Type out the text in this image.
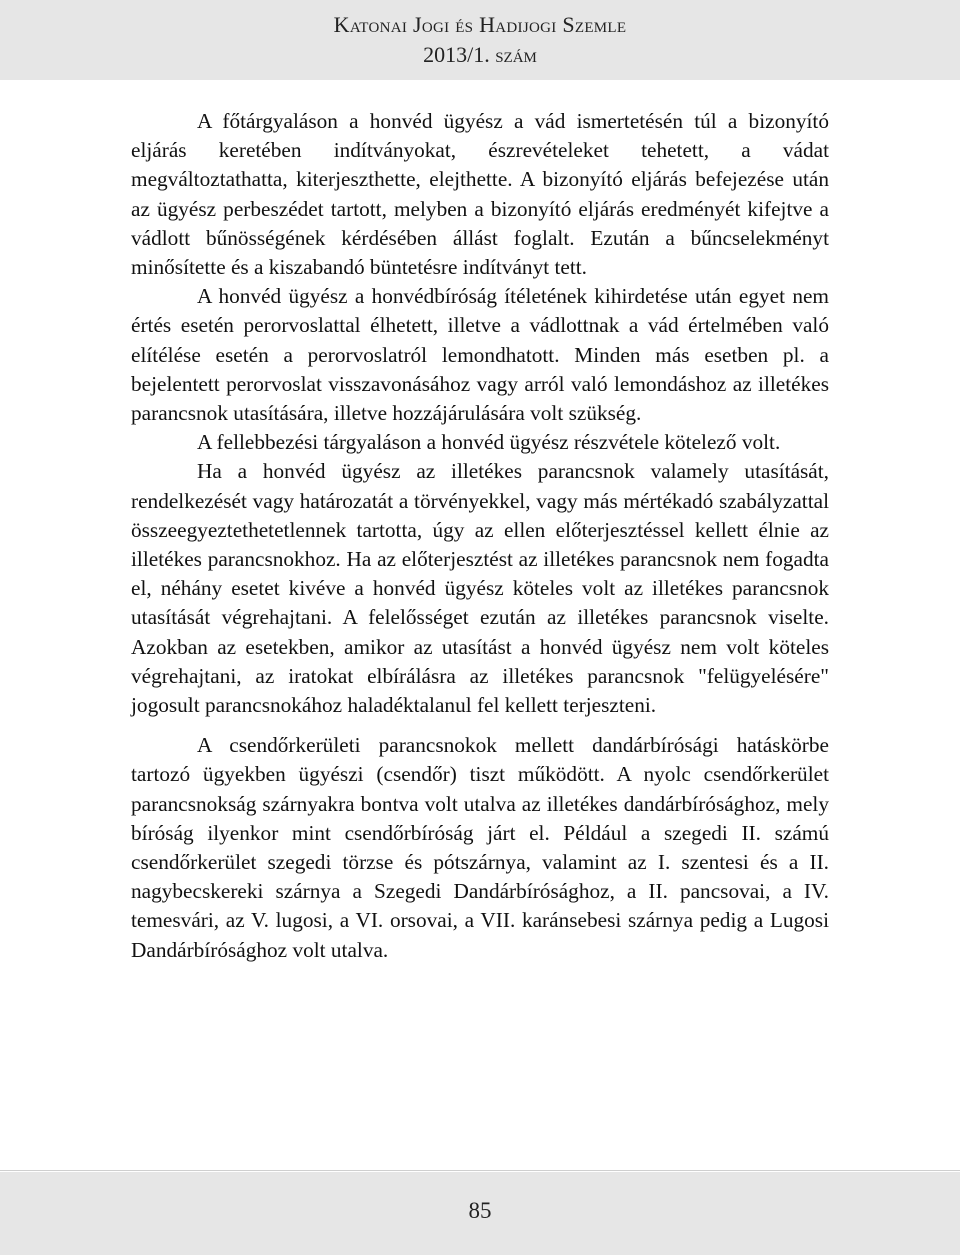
Katonai Jogi és Hadijogi Szemle
2013/1. szám

A főtárgyaláson a honvéd ügyész a vád ismertetésén túl a bizonyító eljárás keretében indítványokat, észrevételeket tehetett, a vádat megváltoztathatta, kiterjeszthette, elejthette. A bizonyító eljárás befejezése után az ügyész perbeszédet tartott, melyben a bizonyító eljárás eredményét kifejtve a vádlott bűnösségének kérdésében állást foglalt. Ezután a bűncselekményt minősítette és a kiszabandó büntetésre indítványt tett.

A honvéd ügyész a honvédbíróság ítéletének kihirdetése után egyet nem értés esetén perorvoslattal élhetett, illetve a vádlottnak a vád értelmében való elítélése esetén a perorvoslatról lemondhatott. Minden más esetben pl. a bejelentett perorvoslat visszavonásához vagy arról való lemondáshoz az illetékes parancsnok utasítására, illetve hozzájárulására volt szükség.

A fellebbezési tárgyaláson a honvéd ügyész részvétele kötelező volt.

Ha a honvéd ügyész az illetékes parancsnok valamely utasítását, rendelkezését vagy határozatát a törvényekkel, vagy más mértékadó szabályzattal összeegyeztethetetlennek tartotta, úgy az ellen előterjesztéssel kellett élnie az illetékes parancsnokhoz. Ha az előterjesztést az illetékes parancsnok nem fogadta el, néhány esetet kivéve a honvéd ügyész köteles volt az illetékes parancsnok utasítását végrehajtani. A felelősséget ezután az illetékes parancsnok viselte. Azokban az esetekben, amikor az utasítást a honvéd ügyész nem volt köteles végrehajtani, az iratokat elbírálásra az illetékes parancsnok "felügyelésére" jogosult parancsnokához haladéktalanul fel kellett terjeszteni.

A csendőrkerületi parancsnokok mellett dandárbírósági hatáskörbe tartozó ügyekben ügyészi (csendőr) tiszt működött. A nyolc csendőrkerület parancsnokság szárnyakra bontva volt utalva az illetékes dandárbírósághoz, mely bíróság ilyenkor mint csendőrbíróság járt el. Például a szegedi II. számú csendőrkerület szegedi törzse és pótszárnya, valamint az I. szentesi és a II. nagybecskereki szárnya a Szegedi Dandárbírósághoz, a II. pancsovai, a IV. temesvári, az V. lugosi, a VI. orsovai, a VII. karánsebesi szárnya pedig a Lugosi Dandárbírósághoz volt utalva.

85
